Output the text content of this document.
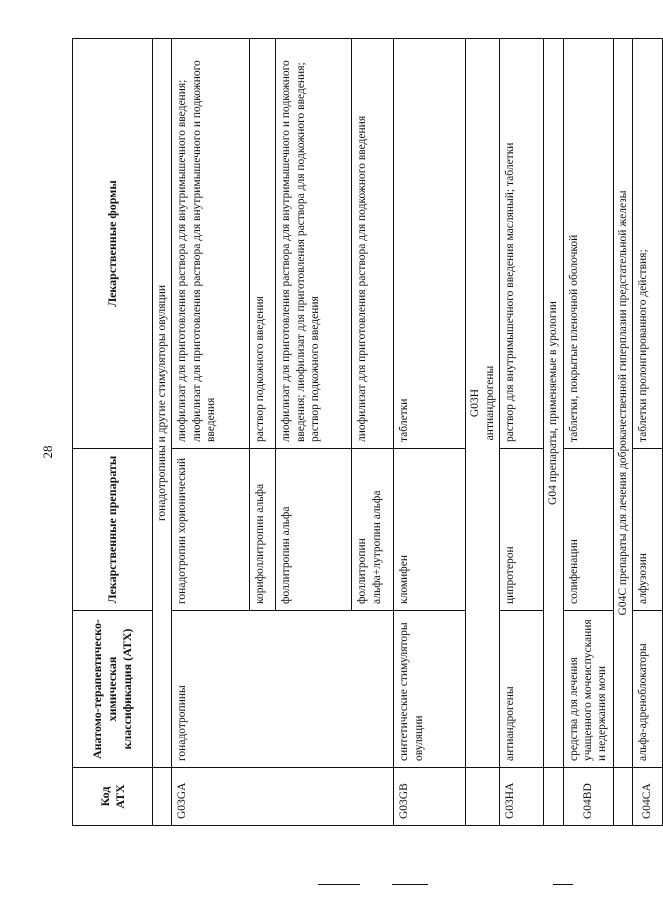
28
Код АТХ	Анатомо-терапевтическо-химическая классификация (АТХ)	Лекарственные препараты	Лекарственные формы
	гонадотропины и другие стимуляторы овуляции		
G03GA	гонадотропины	гонадотропин хорионический	лиофилизат для приготовления раствора для внутримышечного введения; лиофилизат для приготовления раствора для внутримышечного и подкожного введения
		корифоллитропин альфа	раствор подкожного введения
		фоллитропин альфа	лиофилизат для приготовления раствора для внутримышечного и подкожного введения; лиофилизат для приготовления раствора для подкожного введения; раствор подкожного введения
		фоллитропин альфа+лутропин альфа	лиофилизат для приготовления раствора для подкожного введения
G03GB	синтетические стимуляторы овуляции	кломифен	таблетки

	G03H антиандрогены		

G03HA	антиандрогены	ципротерон	раствор для внутримышечного введения масляный; таблетки
	G04 препараты, применяемые в урологии		
G04BD	средства для лечения учащенного мочеиспускания и недержания мочи	солифенацин	таблетки, покрытые пленочной оболочкой
	G04C препараты для лечения доброкачественной гиперплазии предстательной железы		
G04CA	альфа-адреноблокаторы	алфузозин	таблетки пролонгированного действия;
